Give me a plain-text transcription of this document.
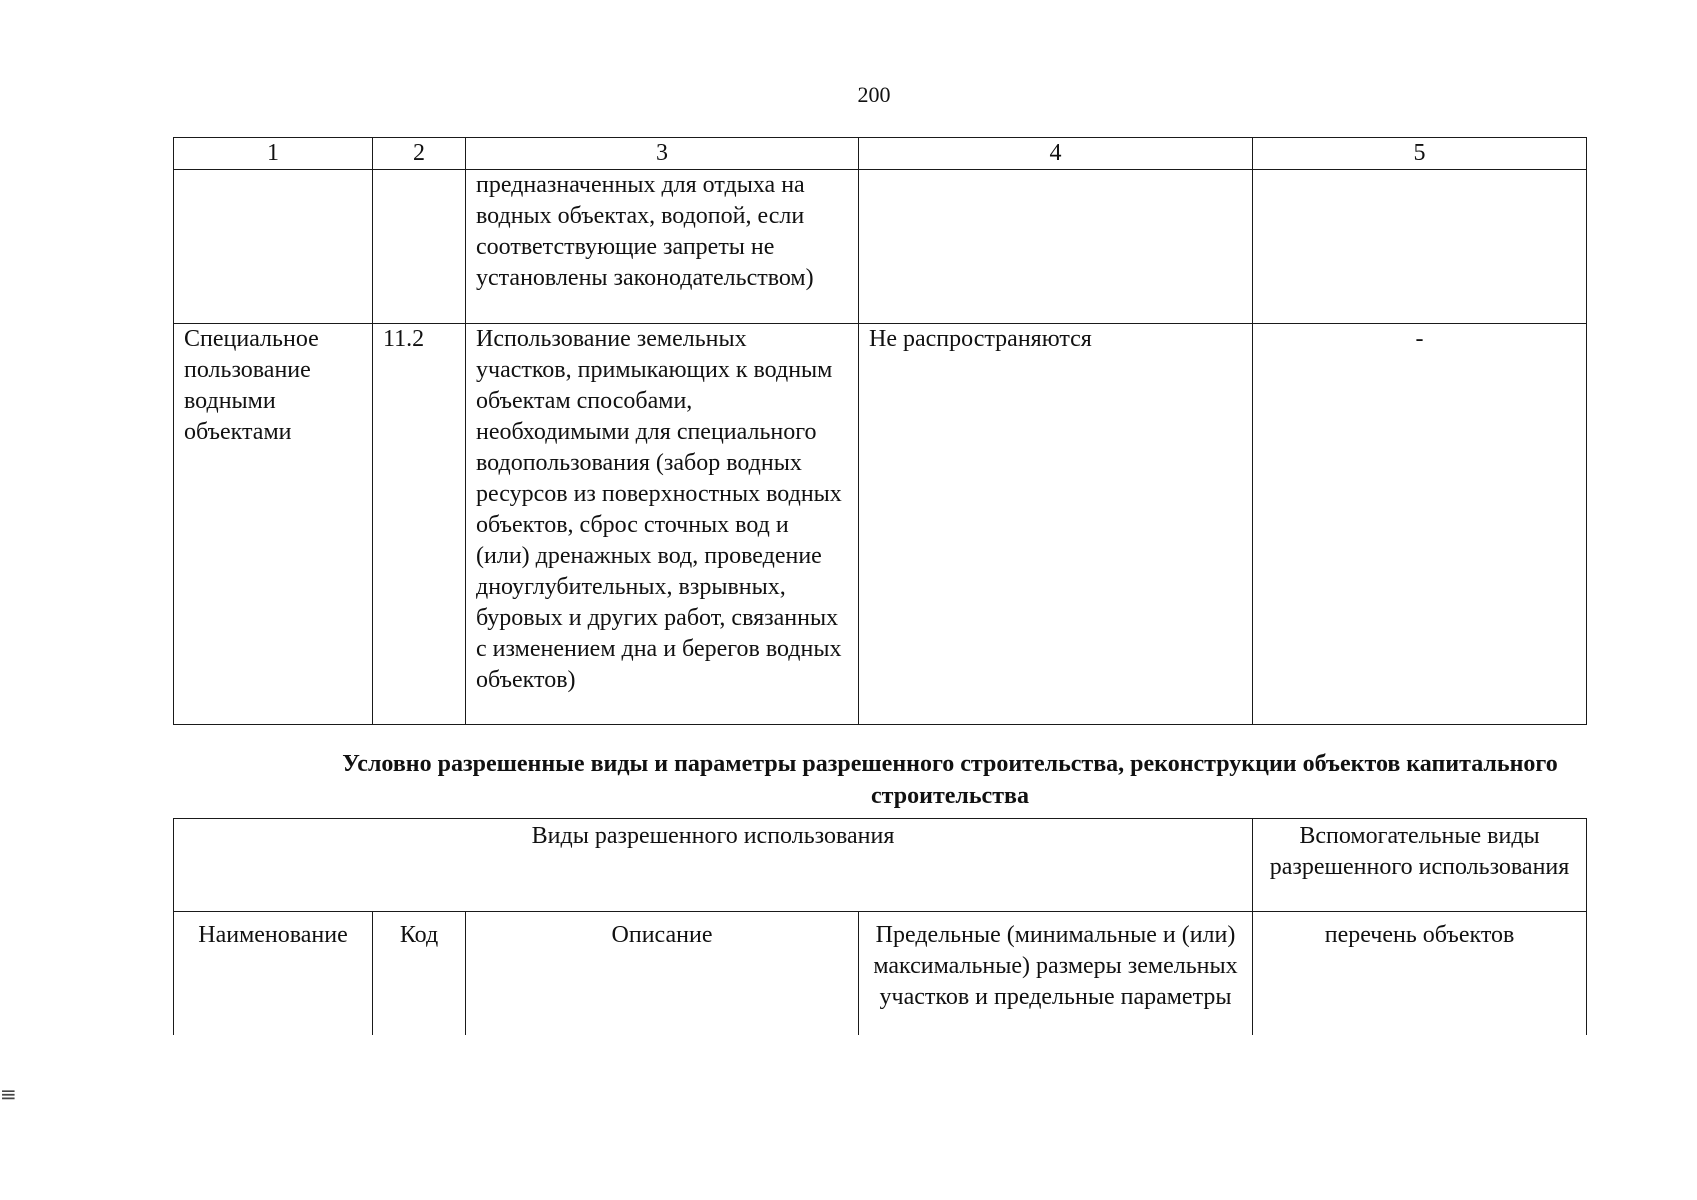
200
1	2	3	4	5
		предназначенных для отдыха на водных объектах, водопой, если соответствующие запреты не установлены законодательством)		
Специальное пользование водными объектами	11.2	Использование земельных участков, примыкающих к водным объектам способами, необходимыми для специального водопользования (забор водных ресурсов из поверхностных водных объектов, сброс сточных вод и (или) дренажных вод, проведение дноуглубительных, взрывных, буровых и других работ, связанных с изменением дна и берегов водных объектов)	Не распространяются	-
Условно разрешенные виды и параметры разрешенного строительства, реконструкции объектов капитального строительства
Виды разрешенного использования				Вспомогательные виды разрешенного использования
Наименование	Код	Описание	Предельные (минимальные и (или) максимальные) размеры земельных участков и предельные параметры	перечень объектов
≡
